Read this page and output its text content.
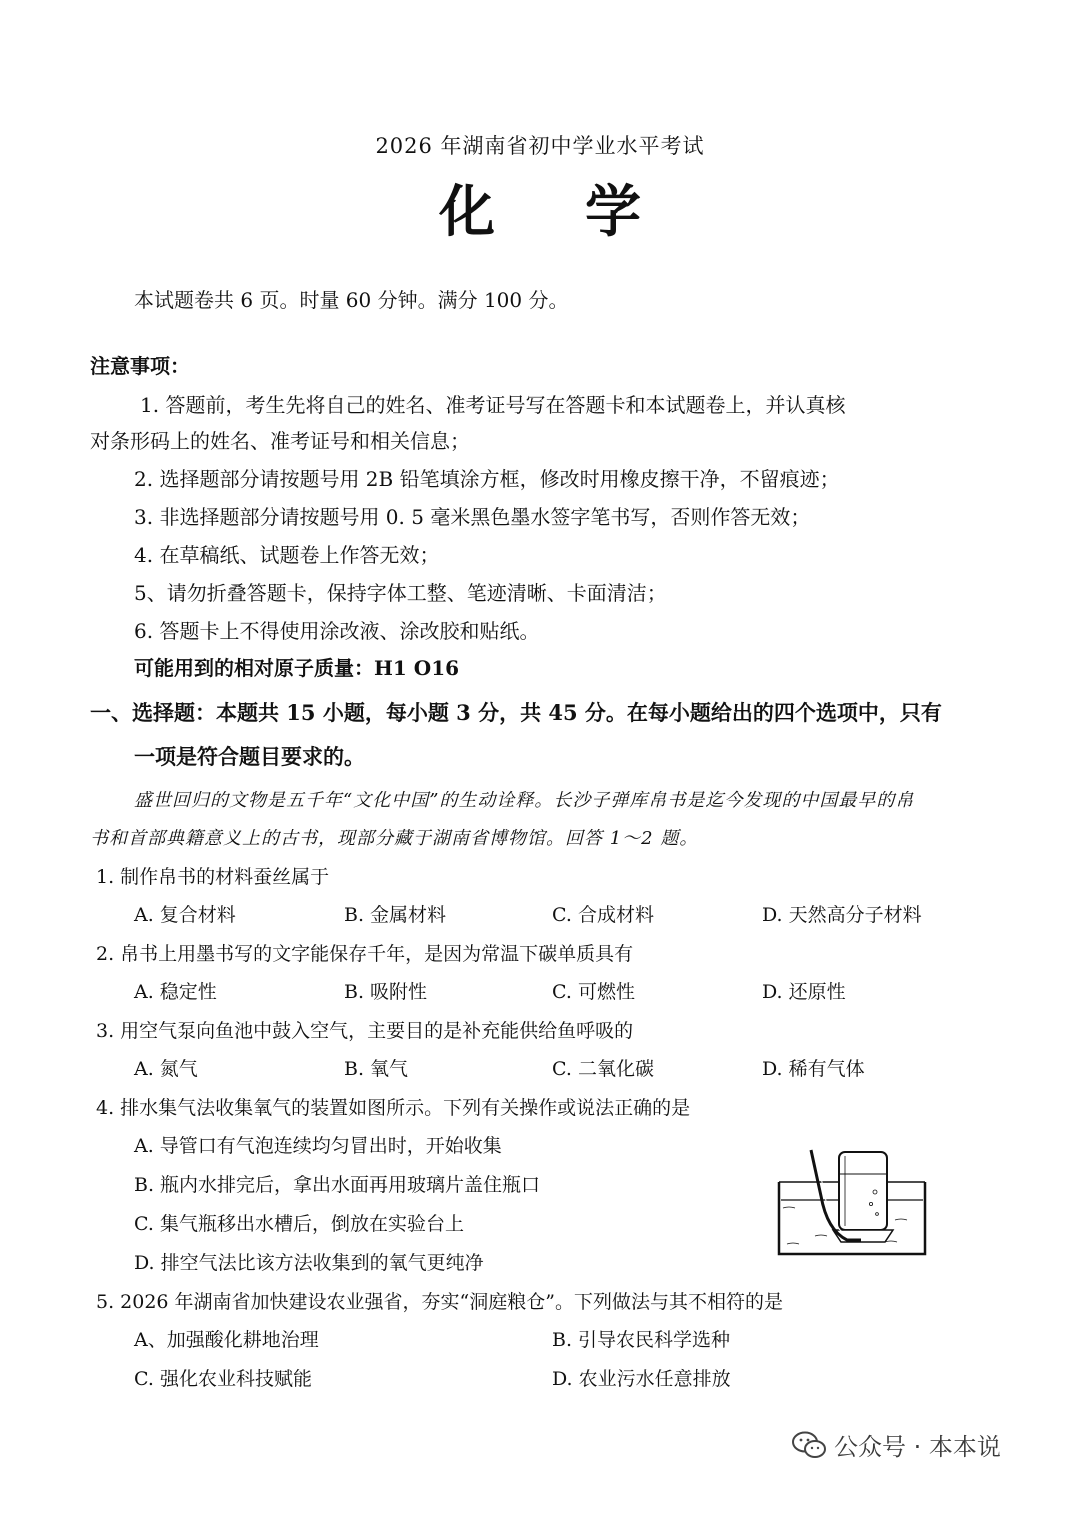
2026 年湖南省初中学业水平考试
化学
本试题卷共 6 页。时量 60 分钟。满分 100 分。
注意事项：
1. 答题前，考生先将自己的姓名、准考证号写在答题卡和本试题卷上，并认真核
对条形码上的姓名、准考证号和相关信息；
2. 选择题部分请按题号用 2B 铅笔填涂方框，修改时用橡皮擦干净，不留痕迹；
3. 非选择题部分请按题号用 0. 5 毫米黑色墨水签字笔书写，否则作答无效；
4. 在草稿纸、试题卷上作答无效；
5、请勿折叠答题卡，保持字体工整、笔迹清晰、卡面清洁；
6. 答题卡上不得使用涂改液、涂改胶和贴纸。
可能用到的相对原子质量：H1 O16
一、选择题：本题共 15 小题，每小题 3 分，共 45 分。在每小题给出的四个选项中，只有
一项是符合题目要求的。
盛世回归的文物是五千年“文化中国”的生动诠释。长沙子弹库帛书是迄今发现的中国最早的帛
书和首部典籍意义上的古书，现部分藏于湖南省博物馆。回答 1～2 题。
1. 制作帛书的材料蚕丝属于
A. 复合材料	B. 金属材料	C. 合成材料	D. 天然高分子材料
2. 帛书上用墨书写的文字能保存千年，是因为常温下碳单质具有
A. 稳定性	B. 吸附性	C. 可燃性	D. 还原性
3. 用空气泵向鱼池中鼓入空气，主要目的是补充能供给鱼呼吸的
A. 氮气	B. 氧气	C. 二氧化碳	D. 稀有气体
4. 排水集气法收集氧气的装置如图所示。下列有关操作或说法正确的是
A. 导管口有气泡连续均匀冒出时，开始收集
B. 瓶内水排完后，拿出水面再用玻璃片盖住瓶口
C. 集气瓶移出水槽后，倒放在实验台上
D. 排空气法比该方法收集到的氧气更纯净
5. 2026 年湖南省加快建设农业强省，夯实“洞庭粮仓”。下列做法与其不相符的是
A、加强酸化耕地治理	B. 引导农民科学选种
C. 强化农业科技赋能	D. 农业污水任意排放
公众号 · 本本说
